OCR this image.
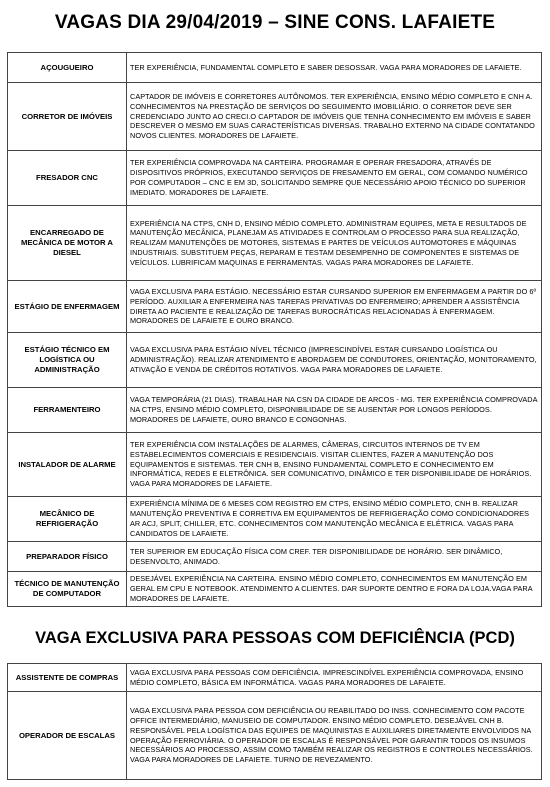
VAGAS DIA 29/04/2019 – SINE CONS. LAFAIETE
AÇOUGUEIRO	TER EXPERIÊNCIA, FUNDAMENTAL COMPLETO E SABER DESOSSAR. VAGA PARA MORADORES DE LAFAIETE.
CORRETOR DE IMÓVEIS	CAPTADOR DE IMÓVEIS E CORRETORES AUTÔNOMOS. TER EXPERIÊNCIA, ENSINO MÉDIO COMPLETO E CNH A. CONHECIMENTOS NA PRESTAÇÃO DE SERVIÇOS DO SEGUIMENTO IMOBILIÁRIO. O CORRETOR DEVE SER CREDENCIADO JUNTO AO CRECI.O CAPTADOR DE IMÓVEIS QUE TENHA CONHECIMENTO EM IMÓVEIS E SABER DESCREVER O MESMO EM SUAS CARACTERÍSTICAS DIVERSAS. TRABALHO EXTERNO NA CIDADE CONTATANDO NOVOS CLIENTES. MORADORES DE LAFAIETE.
FRESADOR CNC	TER EXPERIÊNCIA COMPROVADA NA CARTEIRA. PROGRAMAR E OPERAR FRESADORA, ATRAVÉS DE DISPOSITIVOS PRÓPRIOS, EXECUTANDO SERVIÇOS DE FRESAMENTO EM GERAL, COM COMANDO NUMÉRICO POR COMPUTADOR – CNC E EM 3D, SOLICITANDO SEMPRE QUE NECESSÁRIO APOIO TÉCNICO DO SUPERIOR IMEDIATO. MORADORES DE LAFAIETE.
ENCARREGADO DE MECÂNICA DE MOTOR A DIESEL	EXPERIÊNCIA NA CTPS, CNH D, ENSINO MÉDIO COMPLETO. ADMINISTRAM EQUIPES, META E RESULTADOS DE MANUTENÇÃO MECÂNICA, PLANEJAM AS ATIVIDADES E CONTROLAM O PROCESSO PARA SUA REALIZAÇÃO, REALIZAM MANUTENÇÕES DE MOTORES, SISTEMAS E PARTES DE VEÍCULOS AUTOMOTORES E MÁQUINAS INDUSTRIAIS. SUBSTITUEM PEÇAS, REPARAM E TESTAM DESEMPENHO DE COMPONENTES E SISTEMAS DE VEÍCULOS. LUBRIFICAM MAQUINAS E FERRAMENTAS. VAGAS PARA MORADORES DE LAFAIETE.
ESTÁGIO DE ENFERMAGEM	VAGA EXCLUSIVA PARA ESTÁGIO. NECESSÁRIO ESTAR CURSANDO SUPERIOR EM ENFERMAGEM A PARTIR DO 6º PERÍODO. AUXILIAR A ENFERMEIRA NAS TAREFAS PRIVATIVAS DO ENFERMEIRO; APRENDER A ASSISTÊNCIA DIRETA AO PACIENTE E REALIZAÇÃO DE TAREFAS BUROCRÁTICAS RELACIONADAS À ENFERMAGEM. MORADORES DE LAFAIETE E OURO BRANCO.
ESTÁGIO TÉCNICO EM LOGÍSTICA OU ADMINISTRAÇÃO	VAGA EXCLUSIVA PARA ESTÁGIO NÍVEL TÉCNICO (IMPRESCINDÍVEL ESTAR CURSANDO LOGÍSTICA OU ADMINISTRAÇÃO). REALIZAR ATENDIMENTO E ABORDAGEM DE CONDUTORES, ORIENTAÇÃO, MONITORAMENTO, ATIVAÇÃO E VENDA DE CRÉDITOS ROTATIVOS. VAGA PARA MORADORES DE LAFAIETE.
FERRAMENTEIRO	VAGA TEMPORÁRIA (21 DIAS). TRABALHAR NA CSN DA CIDADE DE ARCOS - MG. TER EXPERIÊNCIA COMPROVADA NA CTPS, ENSINO MÉDIO COMPLETO, DISPONIBILIDADE DE SE AUSENTAR POR LONGOS PERÍODOS. MORADORES DE LAFAIETE, OURO BRANCO E CONGONHAS.
INSTALADOR DE ALARME	TER EXPERIÊNCIA COM INSTALAÇÕES DE ALARMES, CÂMERAS, CIRCUITOS INTERNOS DE TV EM ESTABELECIMENTOS COMERCIAIS E RESIDENCIAIS. VISITAR CLIENTES, FAZER A MANUTENÇÃO DOS EQUIPAMENTOS E SISTEMAS. TER CNH B, ENSINO FUNDAMENTAL COMPLETO E CONHECIMENTO EM INFORMÁTICA, REDES E ELETRÔNICA. SER COMUNICATIVO, DINÂMICO E TER DISPONIBILIDADE DE HORÁRIOS. VAGA PARA MORADORES DE LAFAIETE.
MECÂNICO DE REFRIGERAÇÃO	EXPERIÊNCIA MÍNIMA DE 6 MESES COM REGISTRO EM CTPS, ENSINO MÉDIO COMPLETO, CNH B. REALIZAR MANUTENÇÃO PREVENTIVA E CORRETIVA EM EQUIPAMENTOS DE REFRIGERAÇÃO COMO CONDICIONADORES AR ACJ, SPLIT, CHILLER, ETC. CONHECIMENTOS COM MANUTENÇÃO MECÂNICA E ELÉTRICA. VAGAS PARA CANDIDATOS DE LAFAIETE.
PREPARADOR FÍSICO	TER SUPERIOR EM EDUCAÇÃO FÍSICA COM CREF. TER DISPONIBILIDADE DE HORÁRIO. SER DINÂMICO, DESENVOLTO, ANIMADO.
TÉCNICO DE MANUTENÇÃO DE COMPUTADOR	DESEJÁVEL EXPERIÊNCIA NA CARTEIRA. ENSINO MÉDIO COMPLETO, CONHECIMENTOS EM MANUTENÇÃO EM GERAL EM CPU E NOTEBOOK. ATENDIMENTO A CLIENTES. DAR SUPORTE DENTRO E FORA DA LOJA.VAGA PARA MORADORES DE LAFAIETE.
VAGA EXCLUSIVA PARA PESSOAS COM DEFICIÊNCIA (PCD)
ASSISTENTE DE COMPRAS	VAGA EXCLUSIVA PARA PESSOAS COM DEFICIÊNCIA. IMPRESCINDÍVEL EXPERIÊNCIA COMPROVADA, ENSINO MÉDIO COMPLETO, BÁSICA EM INFORMÁTICA. VAGAS PARA MORADORES DE LAFAIETE.
OPERADOR DE ESCALAS	VAGA EXCLUSIVA PARA PESSOA COM DEFICIÊNCIA OU REABILITADO DO INSS. CONHECIMENTO COM PACOTE OFFICE INTERMEDIÁRIO, MANUSEIO DE COMPUTADOR. ENSINO MÉDIO COMPLETO. DESEJÁVEL CNH B. RESPONSÁVEL PELA LOGÍSTICA DAS EQUIPES DE MAQUINISTAS E AUXILIARES DIRETAMENTE ENVOLVIDOS NA OPERAÇÃO FERROVIÁRIA. O OPERADOR DE ESCALAS É RESPONSÁVEL POR GARANTIR TODOS OS INSUMOS NECESSÁRIOS AO PROCESSO, ASSIM COMO TAMBÉM REALIZAR OS REGISTROS E CONTROLES NECESSÁRIOS. VAGA PARA MORADORES DE LAFAIETE. TURNO DE REVEZAMENTO.
